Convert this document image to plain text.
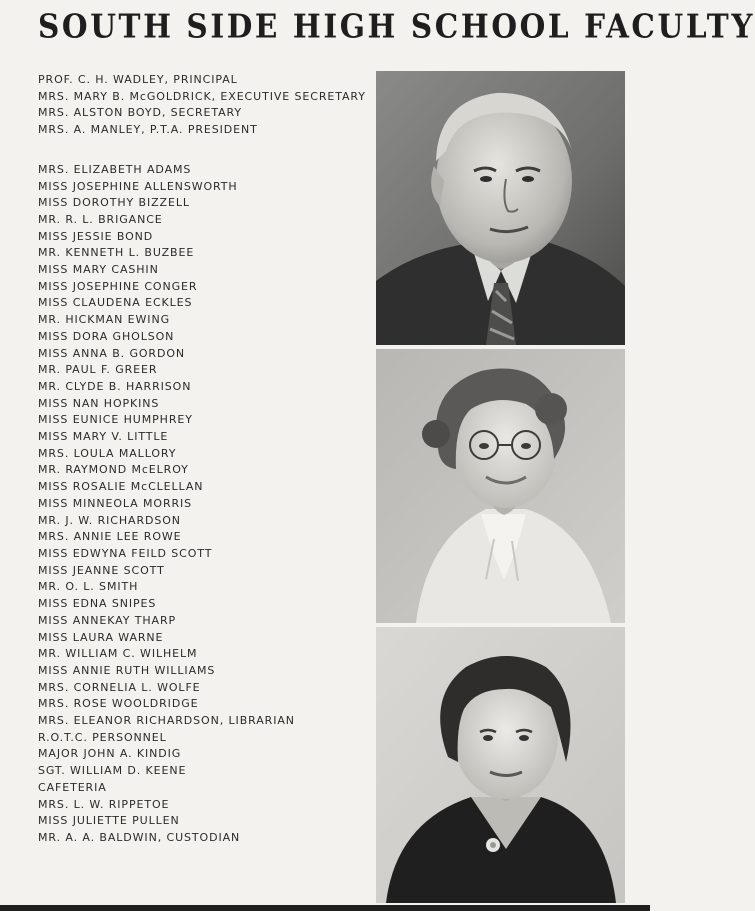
SOUTH SIDE HIGH SCHOOL FACULTY
PROF. C. H. WADLEY, PRINCIPAL
MRS. MARY B. McGOLDRICK, EXECUTIVE SECRETARY
MRS. ALSTON BOYD, SECRETARY
MRS. A. MANLEY, P.T.A. PRESIDENT
MRS. ELIZABETH ADAMS
MISS JOSEPHINE ALLENSWORTH
MISS DOROTHY BIZZELL
MR. R. L. BRIGANCE
MISS JESSIE BOND
MR. KENNETH L. BUZBEE
MISS MARY CASHIN
MISS JOSEPHINE CONGER
MISS CLAUDENA ECKLES
MR. HICKMAN EWING
MISS DORA GHOLSON
MISS ANNA B. GORDON
MR. PAUL F. GREER
MR. CLYDE B. HARRISON
MISS NAN HOPKINS
MISS EUNICE HUMPHREY
MISS MARY V. LITTLE
MRS. LOULA MALLORY
MR. RAYMOND McELROY
MISS ROSALIE McCLELLAN
MISS MINNEOLA MORRIS
MR. J. W. RICHARDSON
MRS. ANNIE LEE ROWE
MISS EDWYNA FEILD SCOTT
MISS JEANNE SCOTT
MR. O. L. SMITH
MISS EDNA SNIPES
MISS ANNEKAY THARP
MISS LAURA WARNE
MR. WILLIAM C. WILHELM
MISS ANNIE RUTH WILLIAMS
MRS. CORNELIA L. WOLFE
MRS. ROSE WOOLDRIDGE
MRS. ELEANOR RICHARDSON, LIBRARIAN
R.O.T.C. PERSONNEL
MAJOR JOHN A. KINDIG
SGT. WILLIAM D. KEENE
CAFETERIA
MRS. L. W. RIPPETOE
MISS JULIETTE PULLEN
MR. A. A. BALDWIN, CUSTODIAN
